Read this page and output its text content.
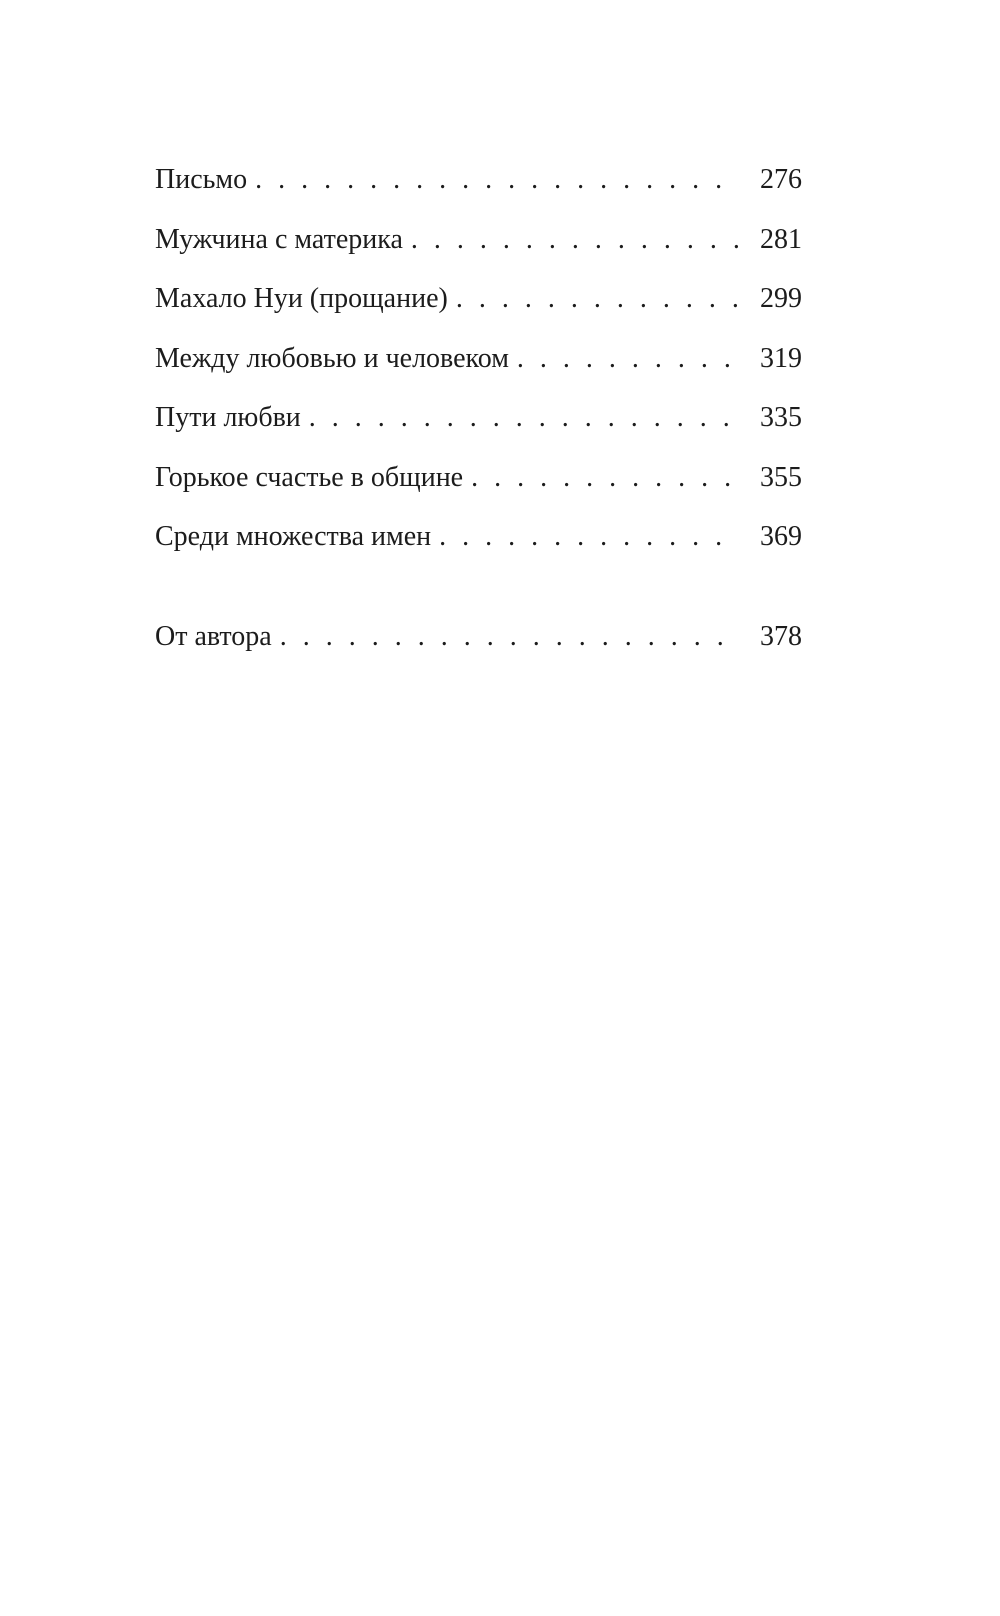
Письмо . . .	276
Мужчина с материка . . .	281
Махало Нуи (прощание) . . .	299
Между любовью и человеком . . .	319
Пути любви . . .	335
Горькое счастье в общине . . .	355
Среди множества имен . . .	369
От автора . . .	378
